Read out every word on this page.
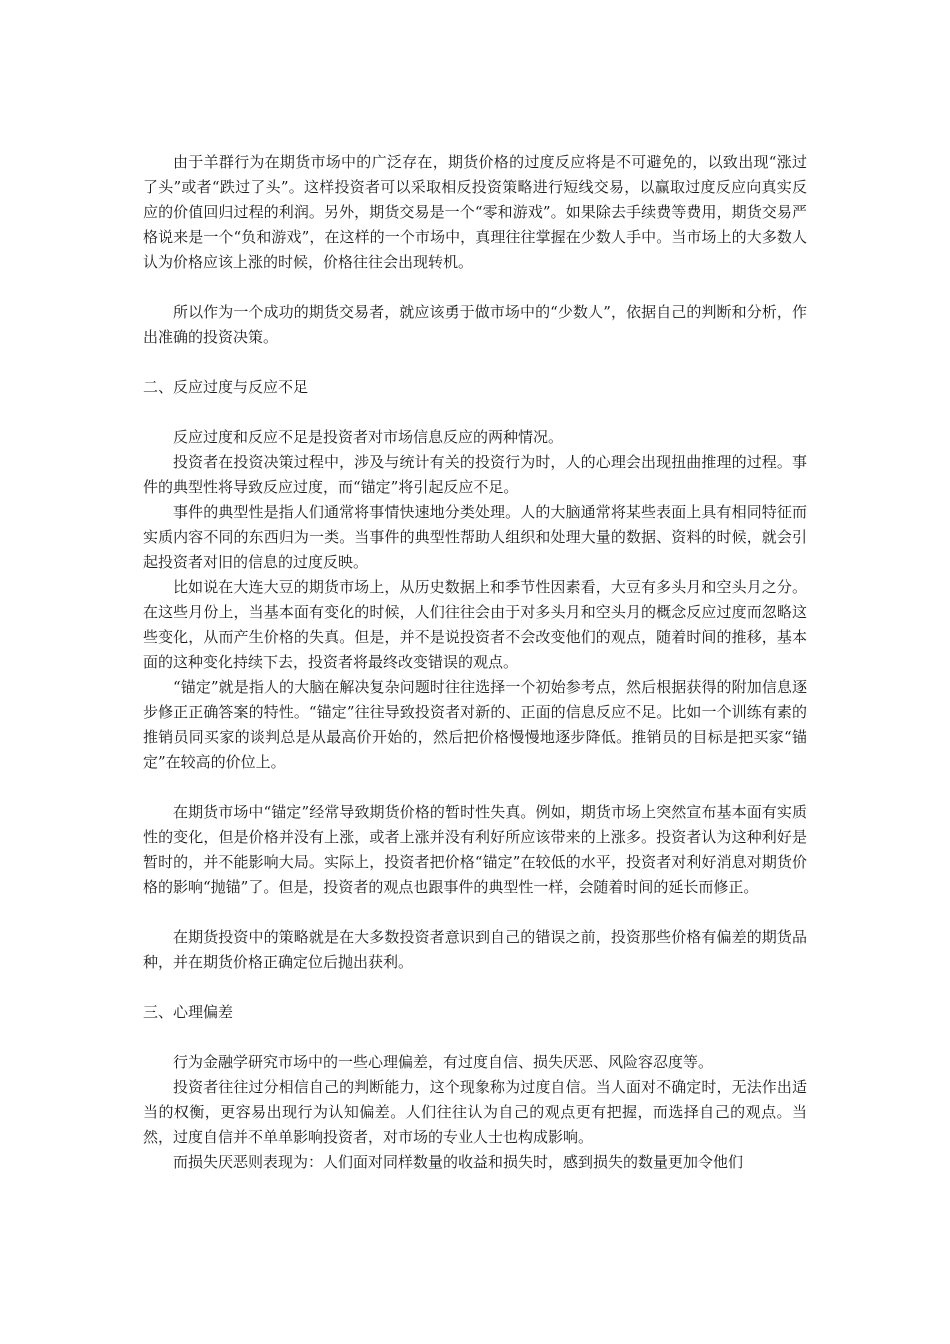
由于羊群行为在期货市场中的广泛存在，期货价格的过度反应将是不可避免的，以致出现“涨过了头”或者“跌过了头”。这样投资者可以采取相反投资策略进行短线交易，以赢取过度反应向真实反应的价值回归过程的利润。另外，期货交易是一个“零和游戏”。如果除去手续费等费用，期货交易严格说来是一个“负和游戏”，在这样的一个市场中，真理往往掌握在少数人手中。当市场上的大多数人认为价格应该上涨的时候，价格往往会出现转机。

所以作为一个成功的期货交易者，就应该勇于做市场中的“少数人”，依据自己的判断和分析，作出准确的投资决策。

二、反应过度与反应不足

反应过度和反应不足是投资者对市场信息反应的两种情况。

投资者在投资决策过程中，涉及与统计有关的投资行为时，人的心理会出现扭曲推理的过程。事件的典型性将导致反应过度，而“锚定”将引起反应不足。

事件的典型性是指人们通常将事情快速地分类处理。人的大脑通常将某些表面上具有相同特征而实质内容不同的东西归为一类。当事件的典型性帮助人组织和处理大量的数据、资料的时候，就会引起投资者对旧的信息的过度反映。

比如说在大连大豆的期货市场上，从历史数据上和季节性因素看，大豆有多头月和空头月之分。在这些月份上，当基本面有变化的时候，人们往往会由于对多头月和空头月的概念反应过度而忽略这些变化，从而产生价格的失真。但是，并不是说投资者不会改变他们的观点，随着时间的推移，基本面的这种变化持续下去，投资者将最终改变错误的观点。

“锚定”就是指人的大脑在解决复杂问题时往往选择一个初始参考点，然后根据获得的附加信息逐步修正正确答案的特性。“锚定”往往导致投资者对新的、正面的信息反应不足。比如一个训练有素的推销员同买家的谈判总是从最高价开始的，然后把价格慢慢地逐步降低。推销员的目标是把买家“锚定”在较高的价位上。

在期货市场中“锚定”经常导致期货价格的暂时性失真。例如，期货市场上突然宣布基本面有实质性的变化，但是价格并没有上涨，或者上涨并没有利好所应该带来的上涨多。投资者认为这种利好是暂时的，并不能影响大局。实际上，投资者把价格“锚定”在较低的水平，投资者对利好消息对期货价格的影响“抛锚”了。但是，投资者的观点也跟事件的典型性一样，会随着时间的延长而修正。

在期货投资中的策略就是在大多数投资者意识到自己的错误之前，投资那些价格有偏差的期货品种，并在期货价格正确定位后抛出获利。

三、心理偏差

行为金融学研究市场中的一些心理偏差，有过度自信、损失厌恶、风险容忍度等。

投资者往往过分相信自己的判断能力，这个现象称为过度自信。当人面对不确定时，无法作出适当的权衡，更容易出现行为认知偏差。人们往往认为自己的观点更有把握，而选择自己的观点。当然，过度自信并不单单影响投资者，对市场的专业人士也构成影响。

而损失厌恶则表现为：人们面对同样数量的收益和损失时，感到损失的数量更加令他们
